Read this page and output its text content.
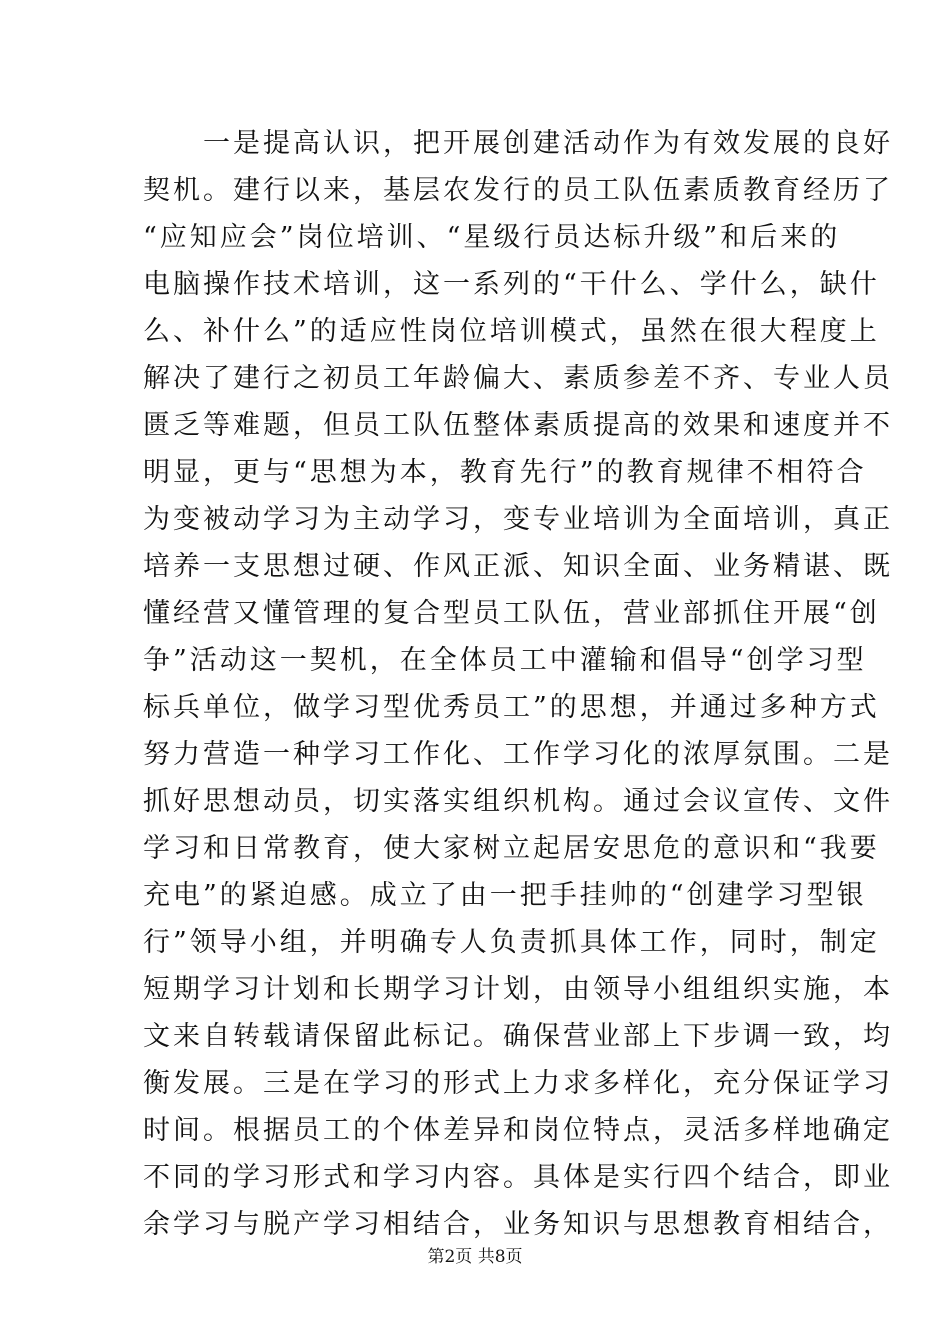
　　一是提高认识，把开展创建活动作为有效发展的良好
契机。建行以来，基层农发行的员工队伍素质教育经历了
“应知应会”岗位培训、“星级行员达标升级”和后来的
电脑操作技术培训，这一系列的“干什么、学什么，缺什
么、补什么”的适应性岗位培训模式，虽然在很大程度上
解决了建行之初员工年龄偏大、素质参差不齐、专业人员
匮乏等难题，但员工队伍整体素质提高的效果和速度并不
明显，更与“思想为本，教育先行”的教育规律不相符合
为变被动学习为主动学习，变专业培训为全面培训，真正
培养一支思想过硬、作风正派、知识全面、业务精谌、既
懂经营又懂管理的复合型员工队伍，营业部抓住开展“创
争”活动这一契机，在全体员工中灌输和倡导“创学习型
标兵单位，做学习型优秀员工”的思想，并通过多种方式
努力营造一种学习工作化、工作学习化的浓厚氛围。二是
抓好思想动员，切实落实组织机构。通过会议宣传、文件
学习和日常教育，使大家树立起居安思危的意识和“我要
充电”的紧迫感。成立了由一把手挂帅的“创建学习型银
行”领导小组，并明确专人负责抓具体工作，同时，制定
短期学习计划和长期学习计划，由领导小组组织实施，本
文来自转载请保留此标记。确保营业部上下步调一致，均
衡发展。三是在学习的形式上力求多样化，充分保证学习
时间。根据员工的个体差异和岗位特点，灵活多样地确定
不同的学习形式和学习内容。具体是实行四个结合，即业
余学习与脱产学习相结合，业务知识与思想教育相结合，
第2页 共8页
